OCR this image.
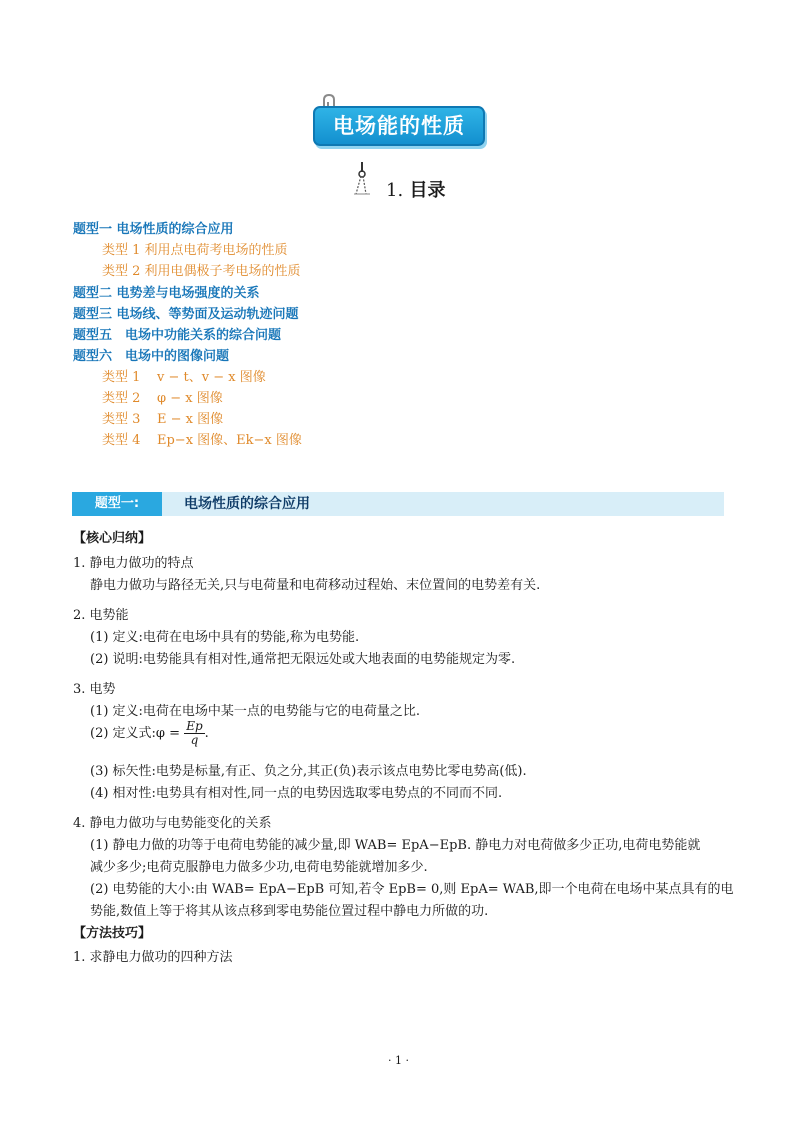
电场能的性质
1. 目录
题型一 电场性质的综合应用
类型 1 利用点电荷考电场的性质
类型 2 利用电偶极子考电场的性质
题型二 电势差与电场强度的关系
题型三 电场线、等势面及运动轨迹问题
题型五　电场中功能关系的综合问题
题型六　电场中的图像问题
类型 1 v − t、v − x 图像
类型 2 φ − x 图像
类型 3 E − x 图像
类型 4 Ep−x 图像、Ek−x 图像
题型一:	电场性质的综合应用
【核心归纳】
1. 静电力做功的特点
静电力做功与路径无关,只与电荷量和电荷移动过程始、末位置间的电势差有关.
2. 电势能
(1) 定义:电荷在电场中具有的势能,称为电势能.
(2) 说明:电势能具有相对性,通常把无限远处或大地表面的电势能规定为零.
3. 电势
(1) 定义:电荷在电场中某一点的电势能与它的电荷量之比.
(2) 定义式:φ = $\frac{Ep}{q}$ .
(3) 标矢性:电势是标量,有正、负之分,其正(负)表示该点电势比零电势高(低).
(4) 相对性:电势具有相对性,同一点的电势因选取零电势点的不同而不同.
4. 静电力做功与电势能变化的关系
(1) 静电力做的功等于电荷电势能的减少量,即 WAB= EpA−EpB. 静电力对电荷做多少正功,电荷电势能就
减少多少;电荷克服静电力做多少功,电荷电势能就增加多少.
(2) 电势能的大小:由 WAB= EpA−EpB 可知,若令 EpB= 0,则 EpA= WAB,即一个电荷在电场中某点具有的电
势能,数值上等于将其从该点移到零电势能位置过程中静电力所做的功.
【方法技巧】
1. 求静电力做功的四种方法
· 1 ·
